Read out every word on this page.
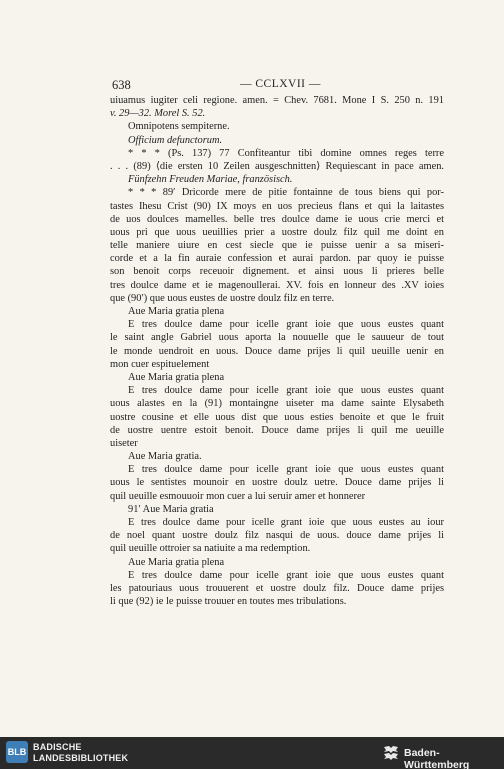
638	— CCLXVII —
uiuamus iugiter celi regione. amen. = Chev. 7681. Mone I S. 250 n. 191
v. 29—32. Morel S. 52.
Omnipotens sempiterne.
Officium defunctorum.
* * * (Ps. 137) 77 Confiteantur tibi domine omnes reges terre
. . . (89) ⟨die ersten 10 Zeilen ausgeschnitten⟩ Requiescant in pace amen.
Fünfzehn Freuden Mariae, französisch.
* * * 89′ Dricorde mere de pitie fontainne de tous biens qui por-
tastes Ihesu Crist (90) IX moys en uos precieus flans et qui la laitastes
de uos doulces mamelles. belle tres doulce dame ie uous crie merci et
uous pri que uous ueuillies prier a uostre doulz filz quil me doint en
telle maniere uiure en cest siecle que ie puisse uenir a sa miseri-
corde et a la fin auraie confession et aurai pardon. par quoy ie puisse
son benoit corps receuoir dignement. et ainsi uous li prieres belle
tres doulce dame et ie magenoullerai. XV. fois en lonneur des .XV ioies
que (90′) que uous eustes de uostre doulz filz en terre.
Aue Maria gratia plena
E tres doulce dame pour icelle grant ioie que uous eustes quant
le saint angle Gabriel uous aporta la nouuelle que le sauueur de tout
le monde uendroit en uous. Douce dame prijes li quil ueuille uenir en
mon cuer espituelement
Aue Maria gratia plena
E tres doulce dame pour icelle grant ioie que uous eustes quant
uous alastes en la (91) montaingne uiseter ma dame sainte Elysabeth
uostre cousine et elle uous dist que uous esties benoite et que le fruit
de uostre uentre estoit benoit. Douce dame prijes li quil me ueuille
uiseter
Aue Maria gratia.
E tres doulce dame pour icelle grant ioie que uous eustes quant
uous le sentistes mounoir en uostre doulz uetre. Douce dame prijes li
quil ueuille esmouuoir mon cuer a lui seruir amer et honnerer
91′ Aue Maria gratia
E tres doulce dame pour icelle grant ioie que uous eustes au iour
de noel quant uostre doulz filz nasqui de uous. douce dame prijes li
quil ueuille ottroier sa natiuite a ma redemption.
Aue Maria gratia plena
E tres doulce dame pour icelle grant ioie que uous eustes quant
les patouriaus uous trouuerent et uostre doulz filz. Douce dame prijes
li que (92) ie le puisse trouuer en toutes mes tribulations.
BLB BADISCHE
LANDESBIBLIOTHEK	Baden-Württemberg
